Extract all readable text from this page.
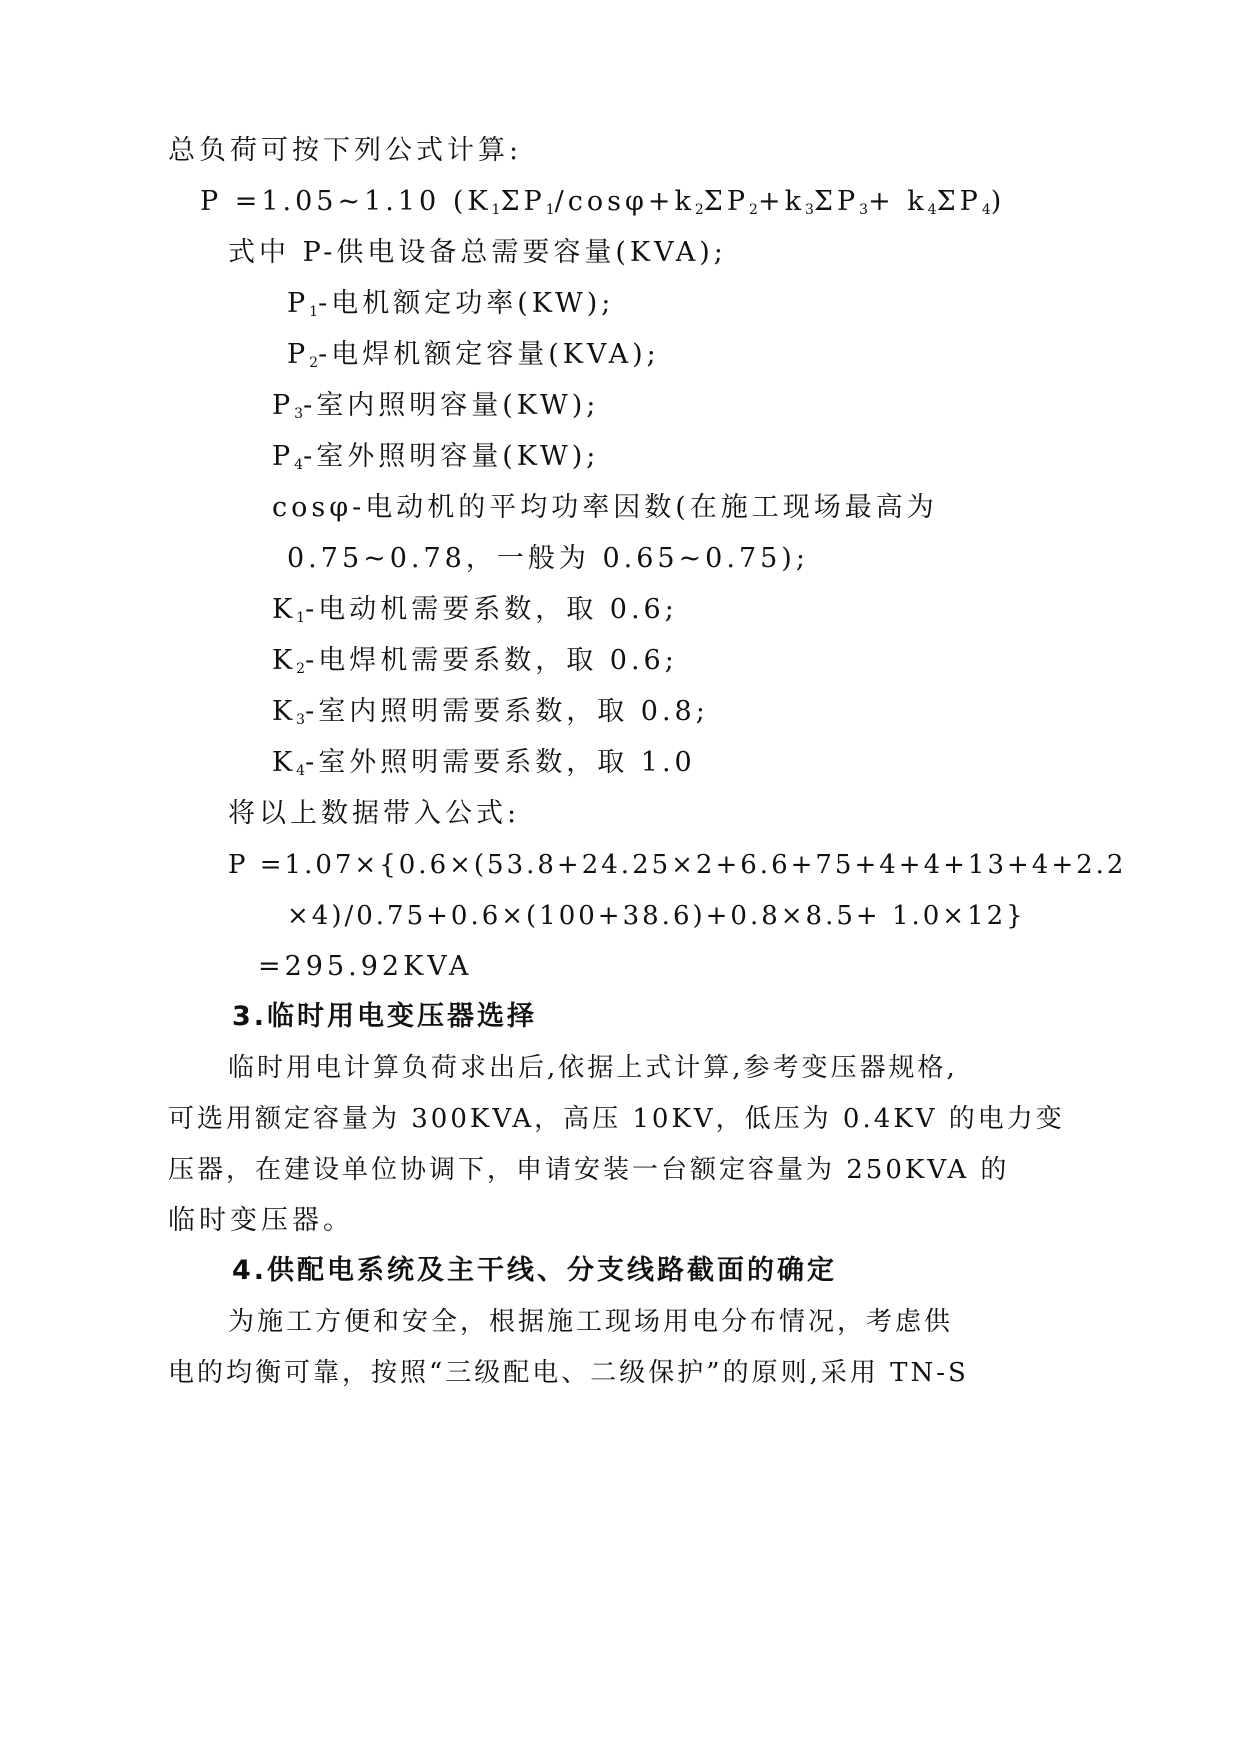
总负荷可按下列公式计算:
P =1.05~1.10 $(K_1\Sigma P_1/\cos\varphi+k_2\Sigma P_2+k_3\Sigma P_3+ k_4\Sigma P_4)$
式中 P-供电设备总需要容量(KVA);
$P_1-$电机额定功率(KW);
$P_2-$电焊机额定容量(KVA);
$P_3-$室内照明容量(KW);
$P_4-$室外照明容量(KW);
cosφ-电动机的平均功率因数(在施工现场最高为
0.75~0.78，一般为 0.65~0.75);
$K_1-$电动机需要系数，取 0.6;
$K_2-$电焊机需要系数，取 0.6;
$K_3-$室内照明需要系数，取 0.8;
$K_4-$室外照明需要系数，取 1.0
将以上数据带入公式:
P =1.07×{0.6×(53.8+24.25×2+6.6+75+4+4+13+4+2.2
×4)/0.75+0.6×(100+38.6)+0.8×8.5+ 1.0×12}
=295.92KVA
3.临时用电变压器选择
临时用电计算负荷求出后,依据上式计算,参考变压器规格,
可选用额定容量为 300KVA，高压 10KV，低压为 0.4KV 的电力变
压器，在建设单位协调下，申请安装一台额定容量为 250KVA 的
临时变压器。
4.供配电系统及主干线、分支线路截面的确定
为施工方便和安全，根据施工现场用电分布情况，考虑供
电的均衡可靠，按照“三级配电、二级保护”的原则,采用 TN-S
